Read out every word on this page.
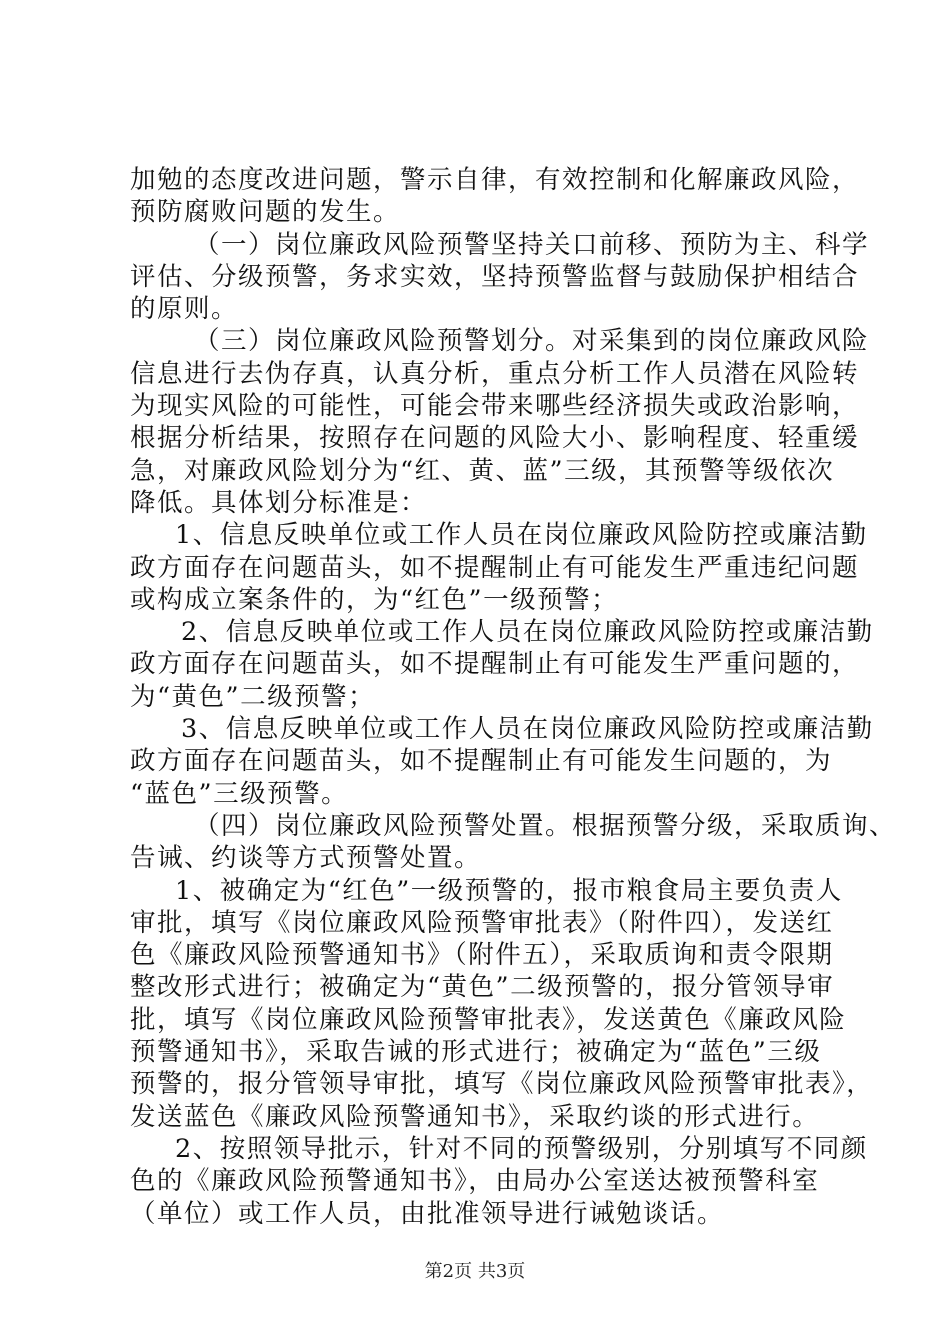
加勉的态度改进问题，警示自律，有效控制和化解廉政风险，
预防腐败问题的发生。
（一）岗位廉政风险预警坚持关口前移、预防为主、科学
评估、分级预警，务求实效，坚持预警监督与鼓励保护相结合
的原则。
（三）岗位廉政风险预警划分。对采集到的岗位廉政风险
信息进行去伪存真，认真分析，重点分析工作人员潜在风险转
为现实风险的可能性，可能会带来哪些经济损失或政治影响，
根据分析结果，按照存在问题的风险大小、影响程度、轻重缓
急，对廉政风险划分为“红、黄、蓝”三级，其预警等级依次
降低。具体划分标准是：
1、信息反映单位或工作人员在岗位廉政风险防控或廉洁勤
政方面存在问题苗头，如不提醒制止有可能发生严重违纪问题
或构成立案条件的，为“红色”一级预警；
2、信息反映单位或工作人员在岗位廉政风险防控或廉洁勤
政方面存在问题苗头，如不提醒制止有可能发生严重问题的，
为“黄色”二级预警；
3、信息反映单位或工作人员在岗位廉政风险防控或廉洁勤
政方面存在问题苗头，如不提醒制止有可能发生问题的，为
“蓝色”三级预警。
（四）岗位廉政风险预警处置。根据预警分级，采取质询、
告诫、约谈等方式预警处置。
1、被确定为“红色”一级预警的，报市粮食局主要负责人
审批，填写《岗位廉政风险预警审批表》（附件四），发送红
色《廉政风险预警通知书》（附件五），采取质询和责令限期
整改形式进行；被确定为“黄色”二级预警的，报分管领导审
批，填写《岗位廉政风险预警审批表》，发送黄色《廉政风险
预警通知书》，采取告诫的形式进行；被确定为“蓝色”三级
预警的，报分管领导审批，填写《岗位廉政风险预警审批表》，
发送蓝色《廉政风险预警通知书》，采取约谈的形式进行。
2、按照领导批示，针对不同的预警级别，分别填写不同颜
色的《廉政风险预警通知书》，由局办公室送达被预警科室
（单位）或工作人员，由批准领导进行诫勉谈话。
第2页 共3页
